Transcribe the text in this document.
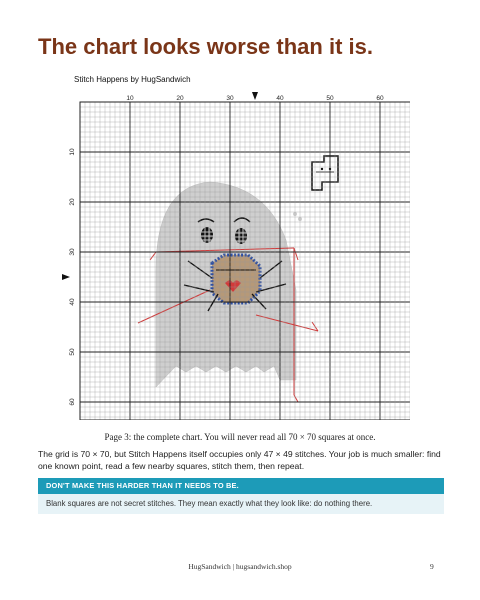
The chart looks worse than it is.
Stitch Happens by HugSandwich
10	20	30	40	50	60
10
20
30
40
50
60
Page 3: the complete chart. You will never read all 70 × 70 squares at once.
The grid is 70 × 70, but Stitch Happens itself occupies only 47 × 49 stitches. Your job is much smaller: find one known point, read a few nearby squares, stitch them, then repeat.
DON'T MAKE THIS HARDER THAN IT NEEDS TO BE.
Blank squares are not secret stitches. They mean exactly what they look like: do nothing there.
HugSandwich | hugsandwich.shop	9
